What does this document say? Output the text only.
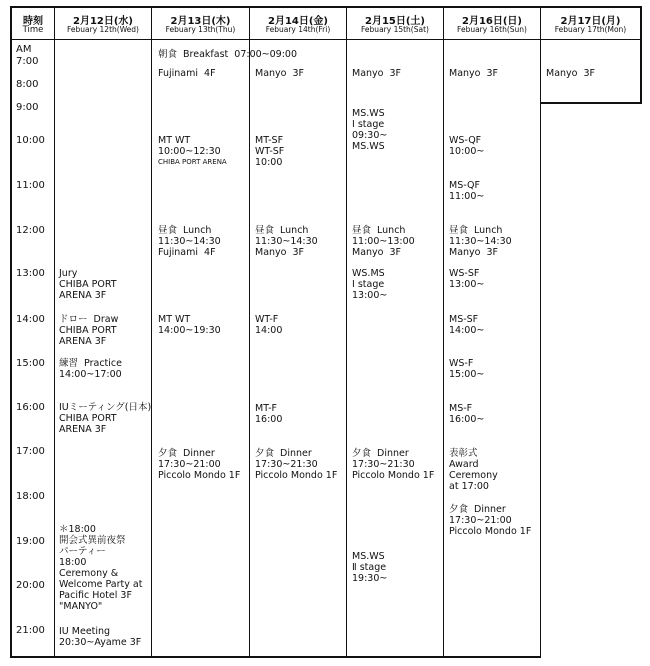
時刻
Time
2月12日(水)
Febuary 12th(Wed)
2月13日(木)
Febuary 13th(Thu)
2月14日(金)
Febuary 14th(Fri)
2月15日(土)
Febuary 15th(Sat)
2月16日(日)
Febuary 16th(Sun)
2月17日(月)
Febuary 17th(Mon)
AM
7:00
8:00
9:00
10:00
11:00
12:00
13:00
14:00
15:00
16:00
17:00
18:00
19:00
20:00
21:00
朝食  Breakfast  07:00~09:00
Jury
CHIBA PORT
ARENA 3F
ドロー  Draw
CHIBA PORT
ARENA 3F
練習  Practice
14:00~17:00
IUミーティング(日本)
CHIBA PORT
ARENA 3F
＊18:00
開会式異前夜祭
パーティー
18:00
Ceremony &
Welcome Party at
Pacific Hotel 3F
"MANYO"
IU Meeting
20:30~Ayame 3F
Fujinami  4F
MT WT
10:00~12:30
CHIBA PORT ARENA
昼食  Lunch
11:30~14:30
Fujinami  4F
MT WT
14:00~19:30
夕食  Dinner
17:30~21:00
Piccolo Mondo 1F
Manyo  3F
MT-SF
WT-SF
10:00
昼食  Lunch
11:30~14:30
Manyo  3F
WT-F
14:00
MT-F
16:00
夕食  Dinner
17:30~21:30
Piccolo Mondo 1F
Manyo  3F
MS.WS
Ⅰ stage
09:30~
MS.WS
昼食  Lunch
11:00~13:00
Manyo  3F
WS.MS
Ⅰ stage
13:00~
夕食  Dinner
17:30~21:30
Piccolo Mondo 1F
MS.WS
Ⅱ stage
19:30~
Manyo  3F
WS-QF
10:00~
MS-QF
11:00~
昼食  Lunch
11:30~14:30
Manyo  3F
WS-SF
13:00~
MS-SF
14:00~
WS-F
15:00~
MS-F
16:00~
表彰式
Award
Ceremony
at 17:00
夕食  Dinner
17:30~21:00
Piccolo Mondo 1F
Manyo  3F
